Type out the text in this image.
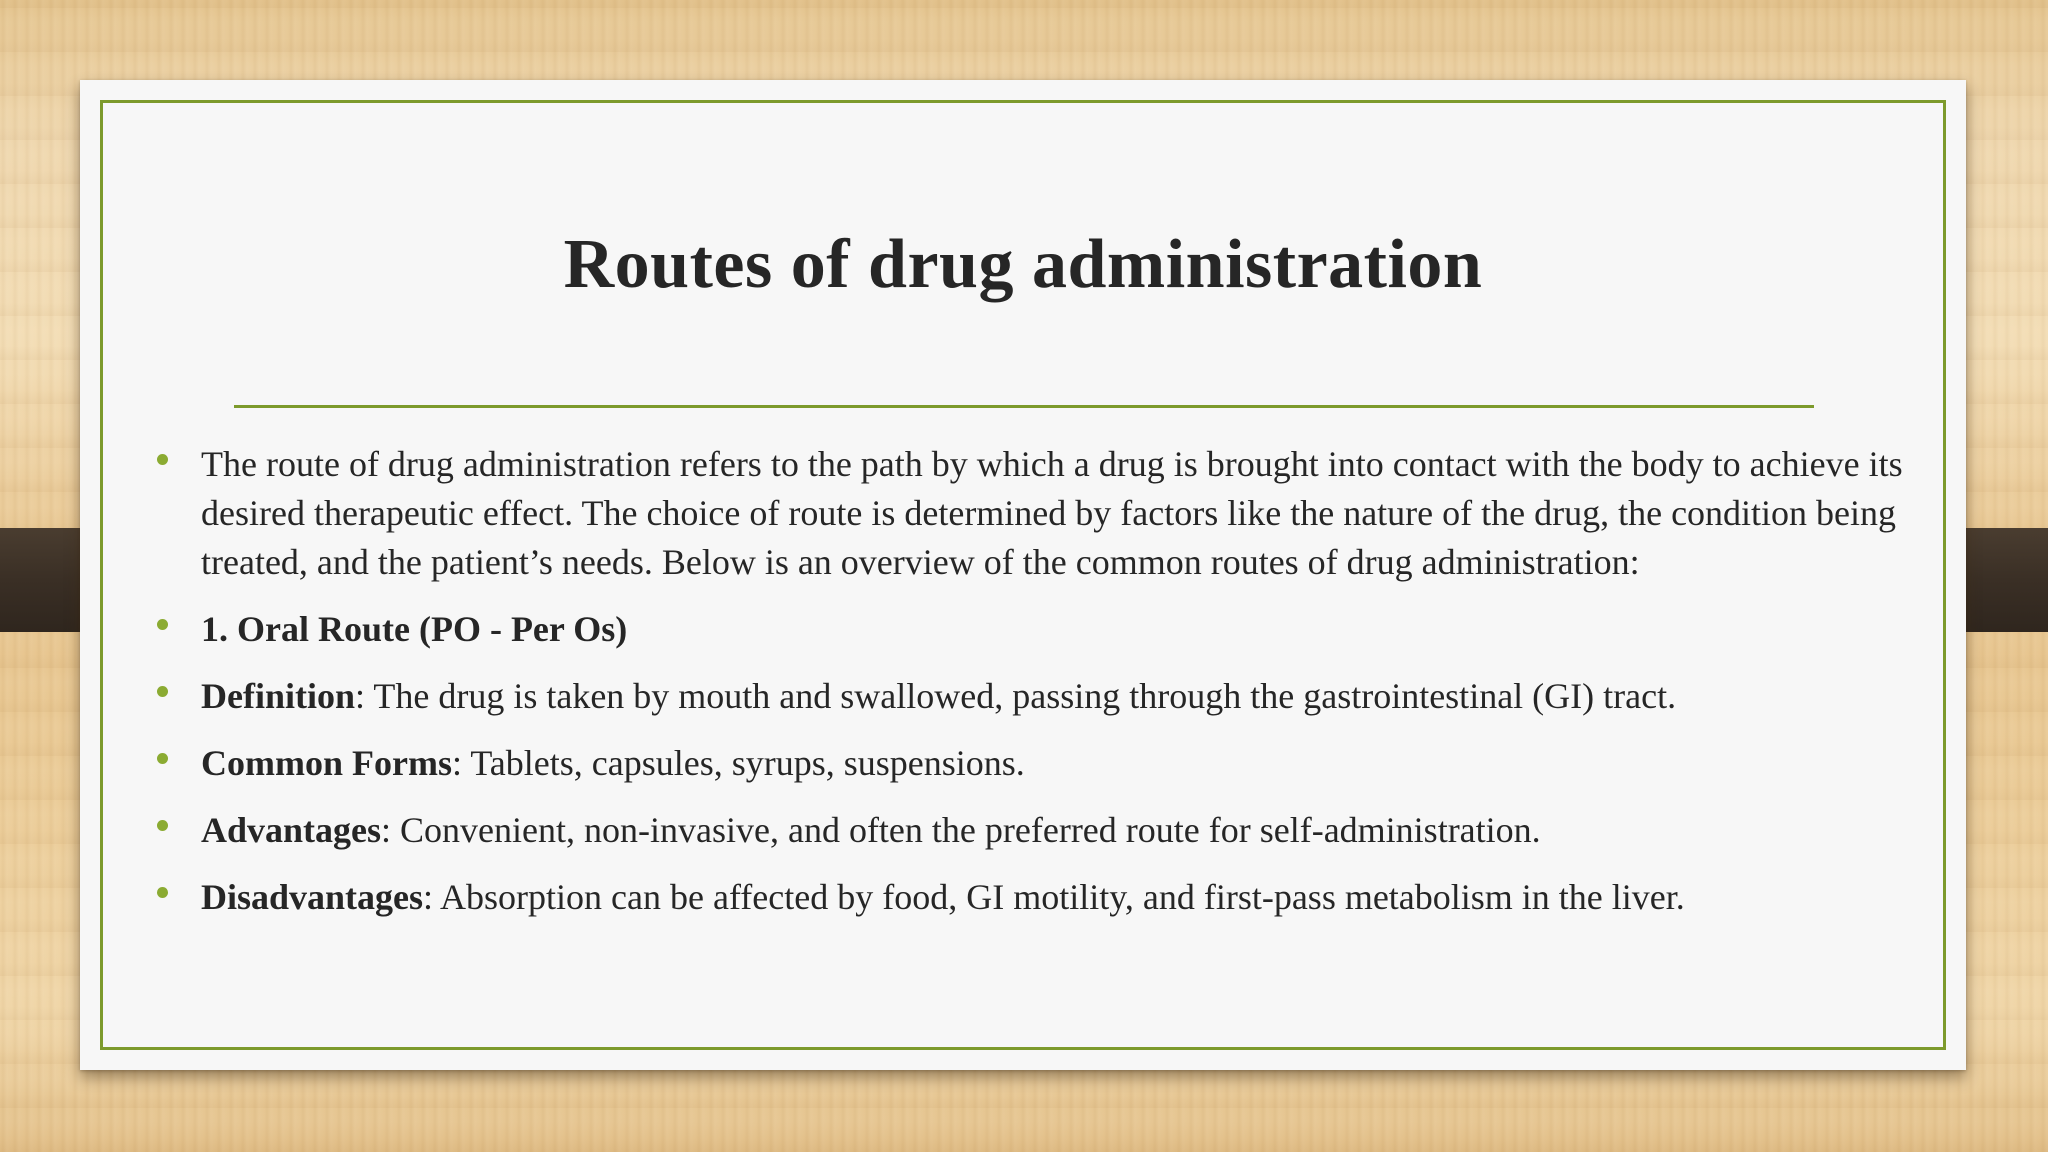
Routes of drug administration
The route of drug administration refers to the path by which a drug is brought into contact with the body to achieve its desired therapeutic effect. The choice of route is determined by factors like the nature of the drug, the condition being treated, and the patient’s needs. Below is an overview of the common routes of drug administration:
1. Oral Route (PO - Per Os)
Definition: The drug is taken by mouth and swallowed, passing through the gastrointestinal (GI) tract.
Common Forms: Tablets, capsules, syrups, suspensions.
Advantages: Convenient, non-invasive, and often the preferred route for self-administration.
Disadvantages: Absorption can be affected by food, GI motility, and first-pass metabolism in the liver.
